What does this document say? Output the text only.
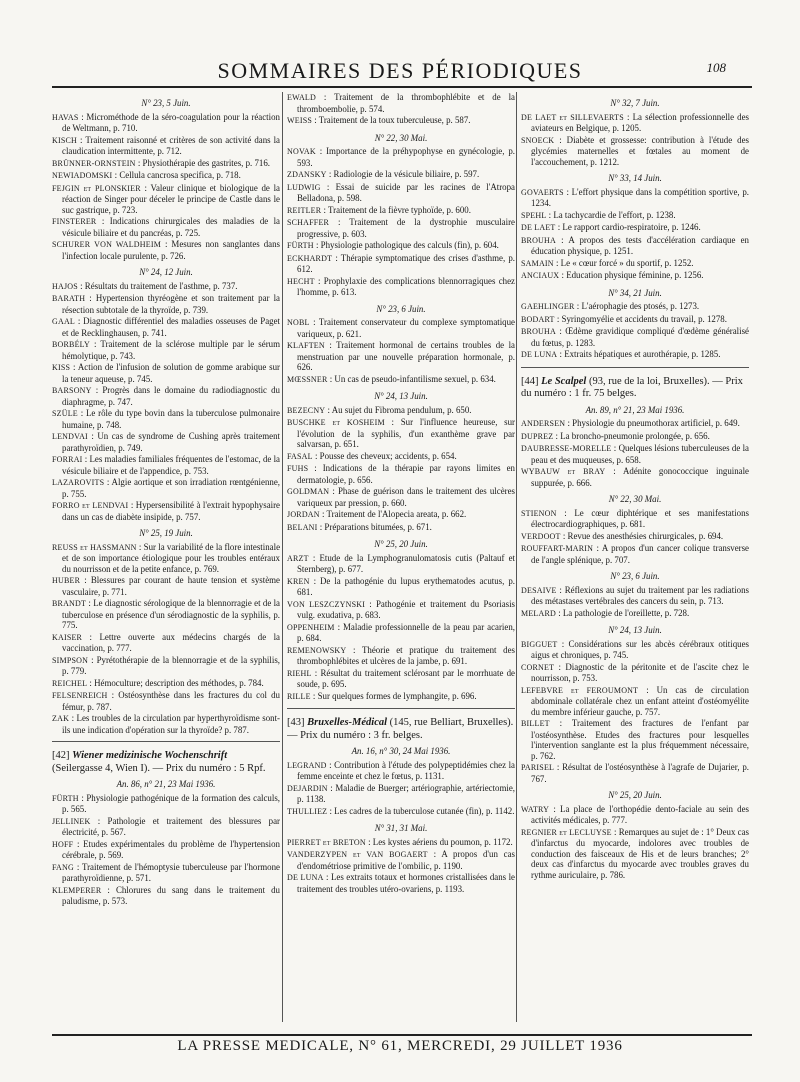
SOMMAIRES DES PÉRIODIQUES	108
N° 23, 5 Juin.
HAVAS : Microméthode de la séro-coagulation pour la réaction de Weltmann, p. 710.
KISCH : Traitement raisonné et critères de son activité dans la claudication intermittente, p. 712.
BRÜNNER-ORNSTEIN : Physiothérapie des gastrites, p. 716.
NEWIADOMSKI : Cellula cancrosa specifica, p. 718.
FEJGIN et PLONSKIER : Valeur clinique et biologique de la réaction de Singer pour déceler le principe de Castle dans le suc gastrique, p. 723.
FINSTERER : Indications chirurgicales des maladies de la vésicule biliaire et du pancréas, p. 725.
SCHURER VON WALDHEIM : Mesures non sanglantes dans l'infection locale purulente, p. 726.
N° 24, 12 Juin.
HAJOS : Résultats du traitement de l'asthme, p. 737.
BARATH : Hypertension thyréogène et son traitement par la résection subtotale de la thyroïde, p. 739.
GAAL : Diagnostic différentiel des maladies osseuses de Paget et de Recklinghausen, p. 741.
BORBÉLY : Traitement de la sclérose multiple par le sérum hémolytique, p. 743.
KISS : Action de l'infusion de solution de gomme arabique sur la teneur aqueuse, p. 745.
BARSONY : Progrès dans le domaine du radiodiagnostic du diaphragme, p. 747.
SZÜLE : Le rôle du type bovin dans la tuberculose pulmonaire humaine, p. 748.
LENDVAI : Un cas de syndrome de Cushing après traitement parathyroïdien, p. 749.
FORRAI : Les maladies familiales fréquentes de l'estomac, de la vésicule biliaire et de l'appendice, p. 753.
LAZAROVITS : Algie aortique et son irradiation rœntgénienne, p. 755.
FORRO et LENDVAI : Hypersensibilité à l'extrait hypophysaire dans un cas de diabète insipide, p. 757.
N° 25, 19 Juin.
REUSS et HASSMANN : Sur la variabilité de la flore intestinale et de son importance étiologique pour les troubles entéraux du nourrisson et de la petite enfance, p. 769.
HUBER : Blessures par courant de haute tension et système vasculaire, p. 771.
BRANDT : Le diagnostic sérologique de la blennorragie et de la tuberculose en présence d'un sérodiagnostic de la syphilis, p. 775.
KAISER : Lettre ouverte aux médecins chargés de la vaccination, p. 777.
SIMPSON : Pyrétothérapie de la blennorragie et de la syphilis, p. 779.
REICHEL : Hémoculture; description des méthodes, p. 784.
FELSENREICH : Ostéosynthèse dans les fractures du col du fémur, p. 787.
ZAK : Les troubles de la circulation par hyperthyroïdisme sont-ils une indication d'opération sur la thyroïde? p. 787.
[42] Wiener medizinische Wochenschrift (Seilergasse 4, Wien I). — Prix du numéro : 5 Rpf.
An. 86, n° 21, 23 Mai 1936.
FÜRTH : Physiologie pathogénique de la formation des calculs, p. 565.
JELLINEK : Pathologie et traitement des blessures par électricité, p. 567.
HOFF : Etudes expérimentales du problème de l'hypertension cérébrale, p. 569.
FANG : Traitement de l'hémoptysie tuberculeuse par l'hormone parathyroïdienne, p. 571.
KLEMPERER : Chlorures du sang dans le traitement du paludisme, p. 573.
EWALD : Traitement de la thrombophlébite et de la thromboembolie, p. 574.
WEISS : Traitement de la toux tuberculeuse, p. 587.
N° 22, 30 Mai.
NOVAK : Importance de la préhypophyse en gynécologie, p. 593.
ZDANSKY : Radiologie de la vésicule biliaire, p. 597.
LUDWIG : Essai de suicide par les racines de l'Atropa Belladona, p. 598.
REITLER : Traitement de la fièvre typhoïde, p. 600.
SCHAFFER : Traitement de la dystrophie musculaire progressive, p. 603.
FÜRTH : Physiologie pathologique des calculs (fin), p. 604.
ECKHARDT : Thérapie symptomatique des crises d'asthme, p. 612.
HECHT : Prophylaxie des complications blennorragiques chez l'homme, p. 613.
N° 23, 6 Juin.
NOBL : Traitement conservateur du complexe symptomatique variqueux, p. 621.
KLAFTEN : Traitement hormonal de certains troubles de la menstruation par une nouvelle préparation hormonale, p. 626.
MŒSSNER : Un cas de pseudo-infantilisme sexuel, p. 634.
N° 24, 13 Juin.
BEZECNY : Au sujet du Fibroma pendulum, p. 650.
BUSCHKE et KOSHEIM : Sur l'influence heureuse, sur l'évolution de la syphilis, d'un exanthème grave par salvarsan, p. 651.
FASAL : Pousse des cheveux; accidents, p. 654.
FUHS : Indications de la thérapie par rayons limites en dermatologie, p. 656.
GOLDMAN : Phase de guérison dans le traitement des ulcères variqueux par pression, p. 660.
JORDAN : Traitement de l'Alopecia areata, p. 662.
BELANI : Préparations bitumées, p. 671.
N° 25, 20 Juin.
ARZT : Etude de la Lymphogranulomatosis cutis (Paltauf et Sternberg), p. 677.
KREN : De la pathogénie du lupus erythematodes acutus, p. 681.
VON LESZCZYNSKI : Pathogénie et traitement du Psoriasis vulg. exudativa, p. 683.
OPPENHEIM : Maladie professionnelle de la peau par acarien, p. 684.
REMENOWSKY : Théorie et pratique du traitement des thrombophlébites et ulcères de la jambe, p. 691.
RIEHL : Résultat du traitement sclérosant par le morrhuate de soude, p. 695.
RILLE : Sur quelques formes de lymphangite, p. 696.
[43] Bruxelles-Médical (145, rue Belliart, Bruxelles). — Prix du numéro : 3 fr. belges.
An. 16, n° 30, 24 Mai 1936.
LEGRAND : Contribution à l'étude des polypeptidémies chez la femme enceinte et chez le fœtus, p. 1131.
DEJARDIN : Maladie de Buerger; artériographie, artériectomie, p. 1138.
THULLIEZ : Les cadres de la tuberculose cutanée (fin), p. 1142.
N° 31, 31 Mai.
PIERRET et BRETON : Les kystes aériens du poumon, p. 1172.
VANDERZYPEN et VAN BOGAERT : A propos d'un cas d'endométriose primitive de l'ombilic, p. 1190.
DE LUNA : Les extraits totaux et hormones cristallisées dans le traitement des troubles utéro-ovariens, p. 1193.
N° 32, 7 Juin.
DE LAET et SILLEVAERTS : La sélection professionnelle des aviateurs en Belgique, p. 1205.
SNOECK : Diabète et grossesse: contribution à l'étude des glycémies maternelles et fœtales au moment de l'accouchement, p. 1212.
N° 33, 14 Juin.
GOVAERTS : L'effort physique dans la compétition sportive, p. 1234.
SPEHL : La tachycardie de l'effort, p. 1238.
DE LAET : Le rapport cardio-respiratoire, p. 1246.
BROUHA : A propos des tests d'accélération cardiaque en éducation physique, p. 1251.
SAMAIN : Le « cœur forcé » du sportif, p. 1252.
ANCIAUX : Education physique féminine, p. 1256.
N° 34, 21 Juin.
GAEHLINGER : L'aérophagie des ptosés, p. 1273.
BODART : Syringomyélie et accidents du travail, p. 1278.
BROUHA : Œdème gravidique compliqué d'œdème généralisé du fœtus, p. 1283.
DE LUNA : Extraits hépatiques et aurothérapie, p. 1285.
[44] Le Scalpel (93, rue de la loi, Bruxelles). — Prix du numéro : 1 fr. 75 belges.
An. 89, n° 21, 23 Mai 1936.
ANDERSEN : Physiologie du pneumothorax artificiel, p. 649.
DUPREZ : La broncho-pneumonie prolongée, p. 656.
DAUBRESSE-MORELLE : Quelques lésions tuberculeuses de la peau et des muqueuses, p. 658.
WYBAUW et BRAY : Adénite gonococcique inguinale suppurée, p. 666.
N° 22, 30 Mai.
STIENON : Le cœur diphtérique et ses manifestations électrocardiographiques, p. 681.
VERDOOT : Revue des anesthésies chirurgicales, p. 694.
ROUFFART-MARIN : A propos d'un cancer colique transverse de l'angle splénique, p. 707.
N° 23, 6 Juin.
DESAIVE : Réflexions au sujet du traitement par les radiations des métastases vertébrales des cancers du sein, p. 713.
MELARD : La pathologie de l'oreillette, p. 728.
N° 24, 13 Juin.
BIGGUET : Considérations sur les abcès cérébraux otitiques aigus et chroniques, p. 745.
CORNET : Diagnostic de la péritonite et de l'ascite chez le nourrisson, p. 753.
LEFEBVRE et FEROUMONT : Un cas de circulation abdominale collatérale chez un enfant atteint d'ostéomyélite du membre inférieur gauche, p. 757.
BILLET : Traitement des fractures de l'enfant par l'ostéosynthèse. Etudes des fractures pour lesquelles l'intervention sanglante est la plus fréquemment nécessaire, p. 762.
PARISEL : Résultat de l'ostéosynthèse à l'agrafe de Dujarier, p. 767.
N° 25, 20 Juin.
WATRY : La place de l'orthopédie dento-faciale au sein des activités médicales, p. 777.
REGNIER et LECLUYSE : Remarques au sujet de : 1° Deux cas d'infarctus du myocarde, indolores avec troubles de conduction des faisceaux de His et de leurs branches; 2° deux cas d'infarctus du myocarde avec troubles graves du rythme auriculaire, p. 786.
LA PRESSE MEDICALE, N° 61, MERCREDI, 29 JUILLET 1936
